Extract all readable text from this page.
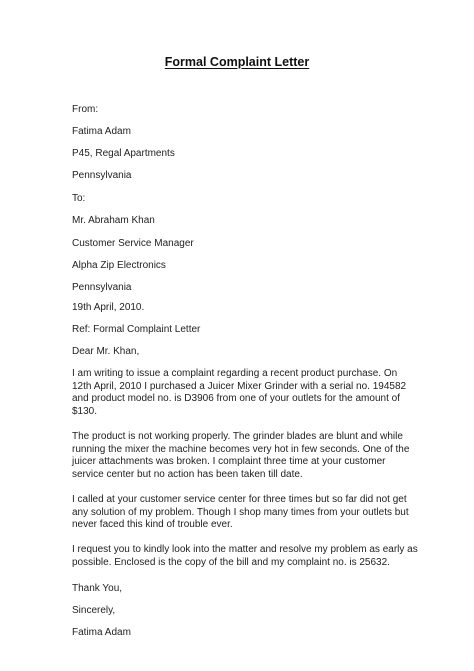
Formal Complaint Letter
From:
Fatima Adam
P45, Regal Apartments
Pennsylvania
To:
Mr. Abraham Khan
Customer Service Manager
Alpha Zip Electronics
Pennsylvania
19th April, 2010.
Ref: Formal Complaint Letter
Dear Mr. Khan,
I am writing to issue a complaint regarding a recent product purchase. On
12th April, 2010 I purchased a Juicer Mixer Grinder with a serial no. 194582
and product model no. is D3906 from one of your outlets for the amount of
$130.
The product is not working properly. The grinder blades are blunt and while
running the mixer the machine becomes very hot in few seconds. One of the
juicer attachments was broken. I complaint three time at your customer
service center but no action has been taken till date.
I called at your customer service center for three times but so far did not get
any solution of my problem. Though I shop many times from your outlets but
never faced this kind of trouble ever.
I request you to kindly look into the matter and resolve my problem as early as
possible. Enclosed is the copy of the bill and my complaint no. is 25632.
Thank You,
Sincerely,
Fatima Adam
